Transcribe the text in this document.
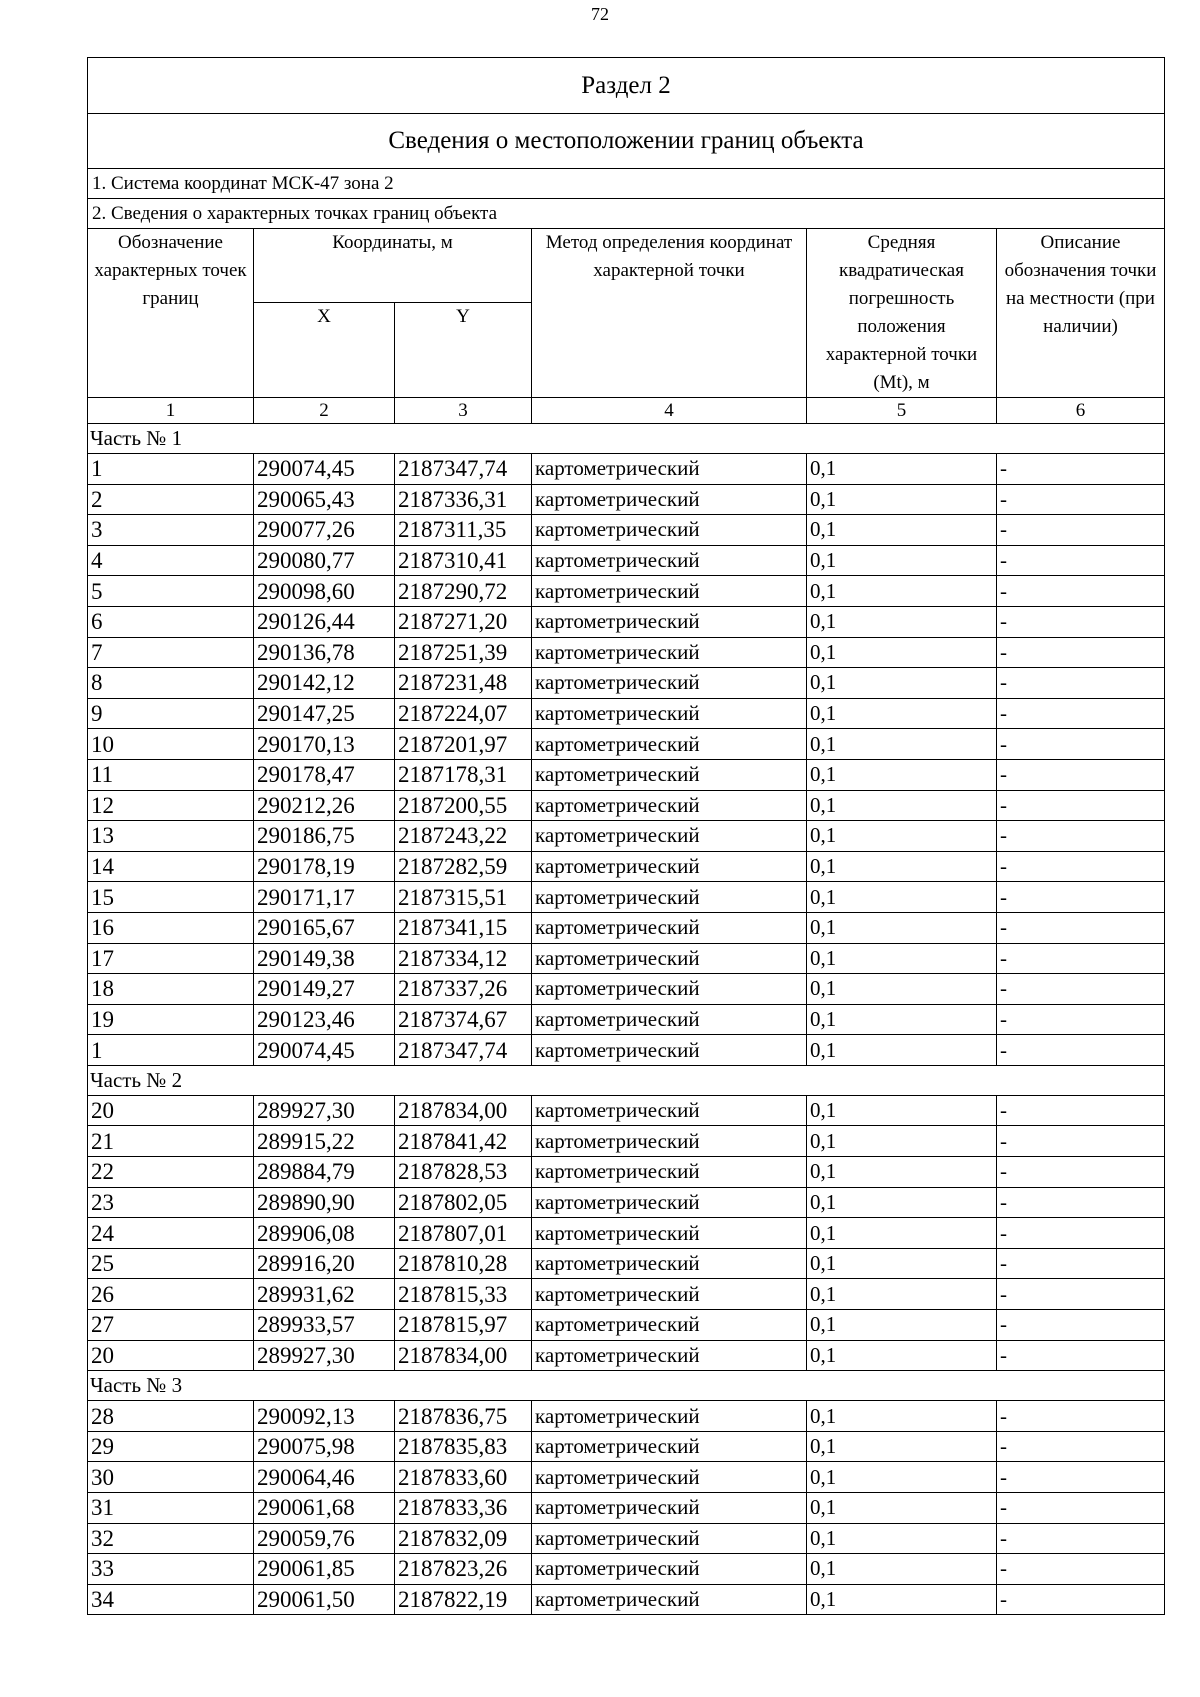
72
Раздел 2					
Сведения о местоположении границ объекта					
1. Система координат МСК-47 зона 2					
2. Сведения о характерных точках границ объекта					
Обозначение характерных точек границ	Координаты, м		Метод определения координат характерной точки	Средняя квадратическая погрешность положения характерной точки (Mt), м	Описание обозначения точки на местности (при наличии)
	X	Y			
1	2	3	4	5	6
Часть № 1					
1	290074,45	2187347,74	картометрический	0,1	-
2	290065,43	2187336,31	картометрический	0,1	-
3	290077,26	2187311,35	картометрический	0,1	-
4	290080,77	2187310,41	картометрический	0,1	-
5	290098,60	2187290,72	картометрический	0,1	-
6	290126,44	2187271,20	картометрический	0,1	-
7	290136,78	2187251,39	картометрический	0,1	-
8	290142,12	2187231,48	картометрический	0,1	-
9	290147,25	2187224,07	картометрический	0,1	-
10	290170,13	2187201,97	картометрический	0,1	-
11	290178,47	2187178,31	картометрический	0,1	-
12	290212,26	2187200,55	картометрический	0,1	-
13	290186,75	2187243,22	картометрический	0,1	-
14	290178,19	2187282,59	картометрический	0,1	-
15	290171,17	2187315,51	картометрический	0,1	-
16	290165,67	2187341,15	картометрический	0,1	-
17	290149,38	2187334,12	картометрический	0,1	-
18	290149,27	2187337,26	картометрический	0,1	-
19	290123,46	2187374,67	картометрический	0,1	-
1	290074,45	2187347,74	картометрический	0,1	-
Часть № 2					
20	289927,30	2187834,00	картометрический	0,1	-
21	289915,22	2187841,42	картометрический	0,1	-
22	289884,79	2187828,53	картометрический	0,1	-
23	289890,90	2187802,05	картометрический	0,1	-
24	289906,08	2187807,01	картометрический	0,1	-
25	289916,20	2187810,28	картометрический	0,1	-
26	289931,62	2187815,33	картометрический	0,1	-
27	289933,57	2187815,97	картометрический	0,1	-
20	289927,30	2187834,00	картометрический	0,1	-
Часть № 3					
28	290092,13	2187836,75	картометрический	0,1	-
29	290075,98	2187835,83	картометрический	0,1	-
30	290064,46	2187833,60	картометрический	0,1	-
31	290061,68	2187833,36	картометрический	0,1	-
32	290059,76	2187832,09	картометрический	0,1	-
33	290061,85	2187823,26	картометрический	0,1	-
34	290061,50	2187822,19	картометрический	0,1	-
